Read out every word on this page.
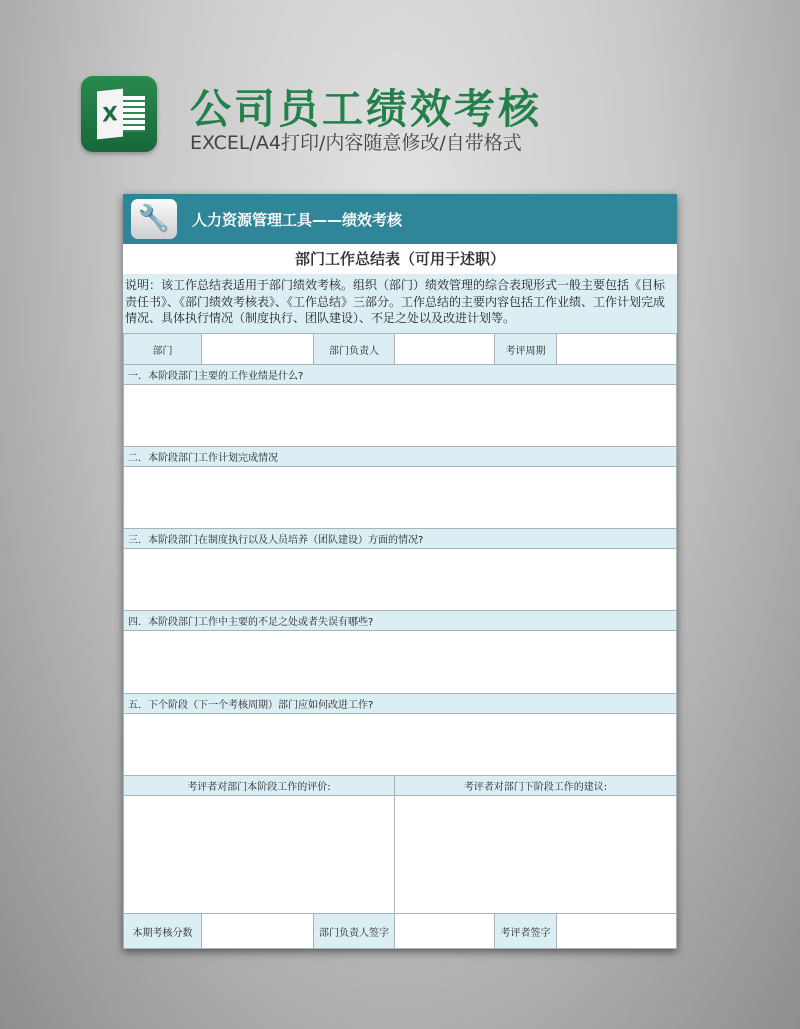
X 公司员工绩效考核
EXCEL/A4打印/内容随意修改/自带格式
🔧	人力资源管理工具——绩效考核
部门工作总结表（可用于述职）
说明：该工作总结表适用于部门绩效考核。组织（部门）绩效管理的综合表现形式一般主要包括《目标责任书》、《部门绩效考核表》、《工作总结》三部分。工作总结的主要内容包括工作业绩、工作计划完成情况、具体执行情况（制度执行、团队建设）、不足之处以及改进计划等。
部门	部门负责人	考评周期
一．本阶段部门主要的工作业绩是什么?
二．本阶段部门工作计划完成情况
三．本阶段部门在制度执行以及人员培养（团队建设）方面的情况?
四．本阶段部门工作中主要的不足之处或者失误有哪些?
五．下个阶段（下一个考核周期）部门应如何改进工作?
考评者对部门本阶段工作的评价:	考评者对部门下阶段工作的建议:
本期考核分数	部门负责人签字	考评者签字
